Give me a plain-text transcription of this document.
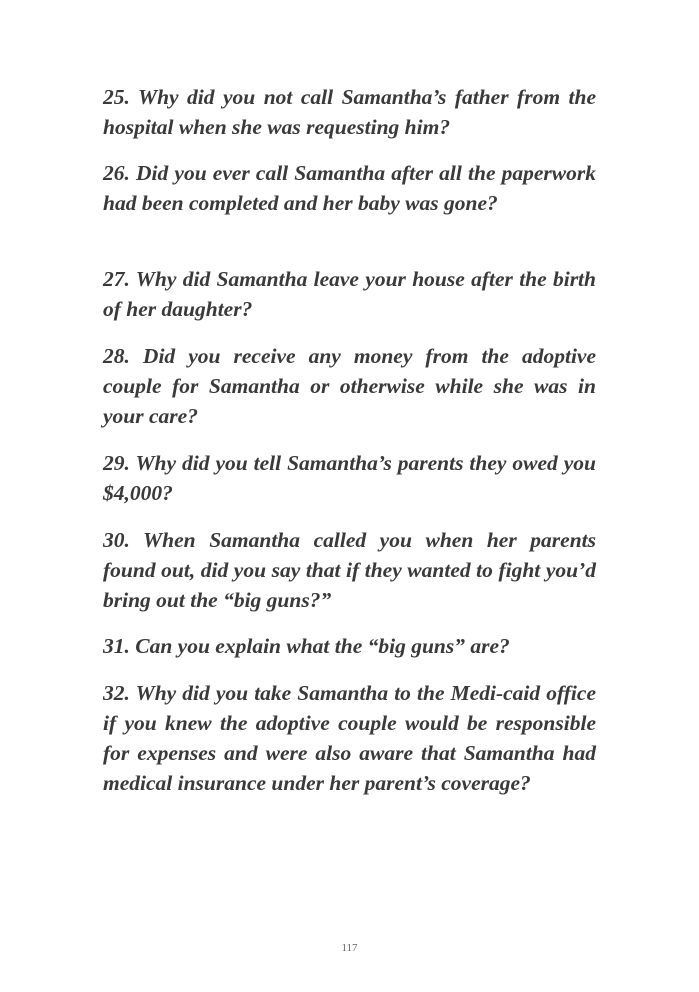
25. Why did you not call Samantha’s father from the hospital when she was requesting him?

26. Did you ever call Samantha after all the paperwork had been completed and her baby was gone?

27. Why did Samantha leave your house after the birth of her daughter?

28. Did you receive any money from the adoptive couple for Samantha or otherwise while she was in your care?

29. Why did you tell Samantha’s parents they owed you $4,000?

30. When Samantha called you when her parents found out, did you say that if they wanted to fight you’d bring out the “big guns?”

31. Can you explain what the “big guns” are?

32. Why did you take Samantha to the Medi-caid office if you knew the adoptive couple would be responsible for expenses and were also aware that Samantha had medical insurance under her parent’s coverage?

117
